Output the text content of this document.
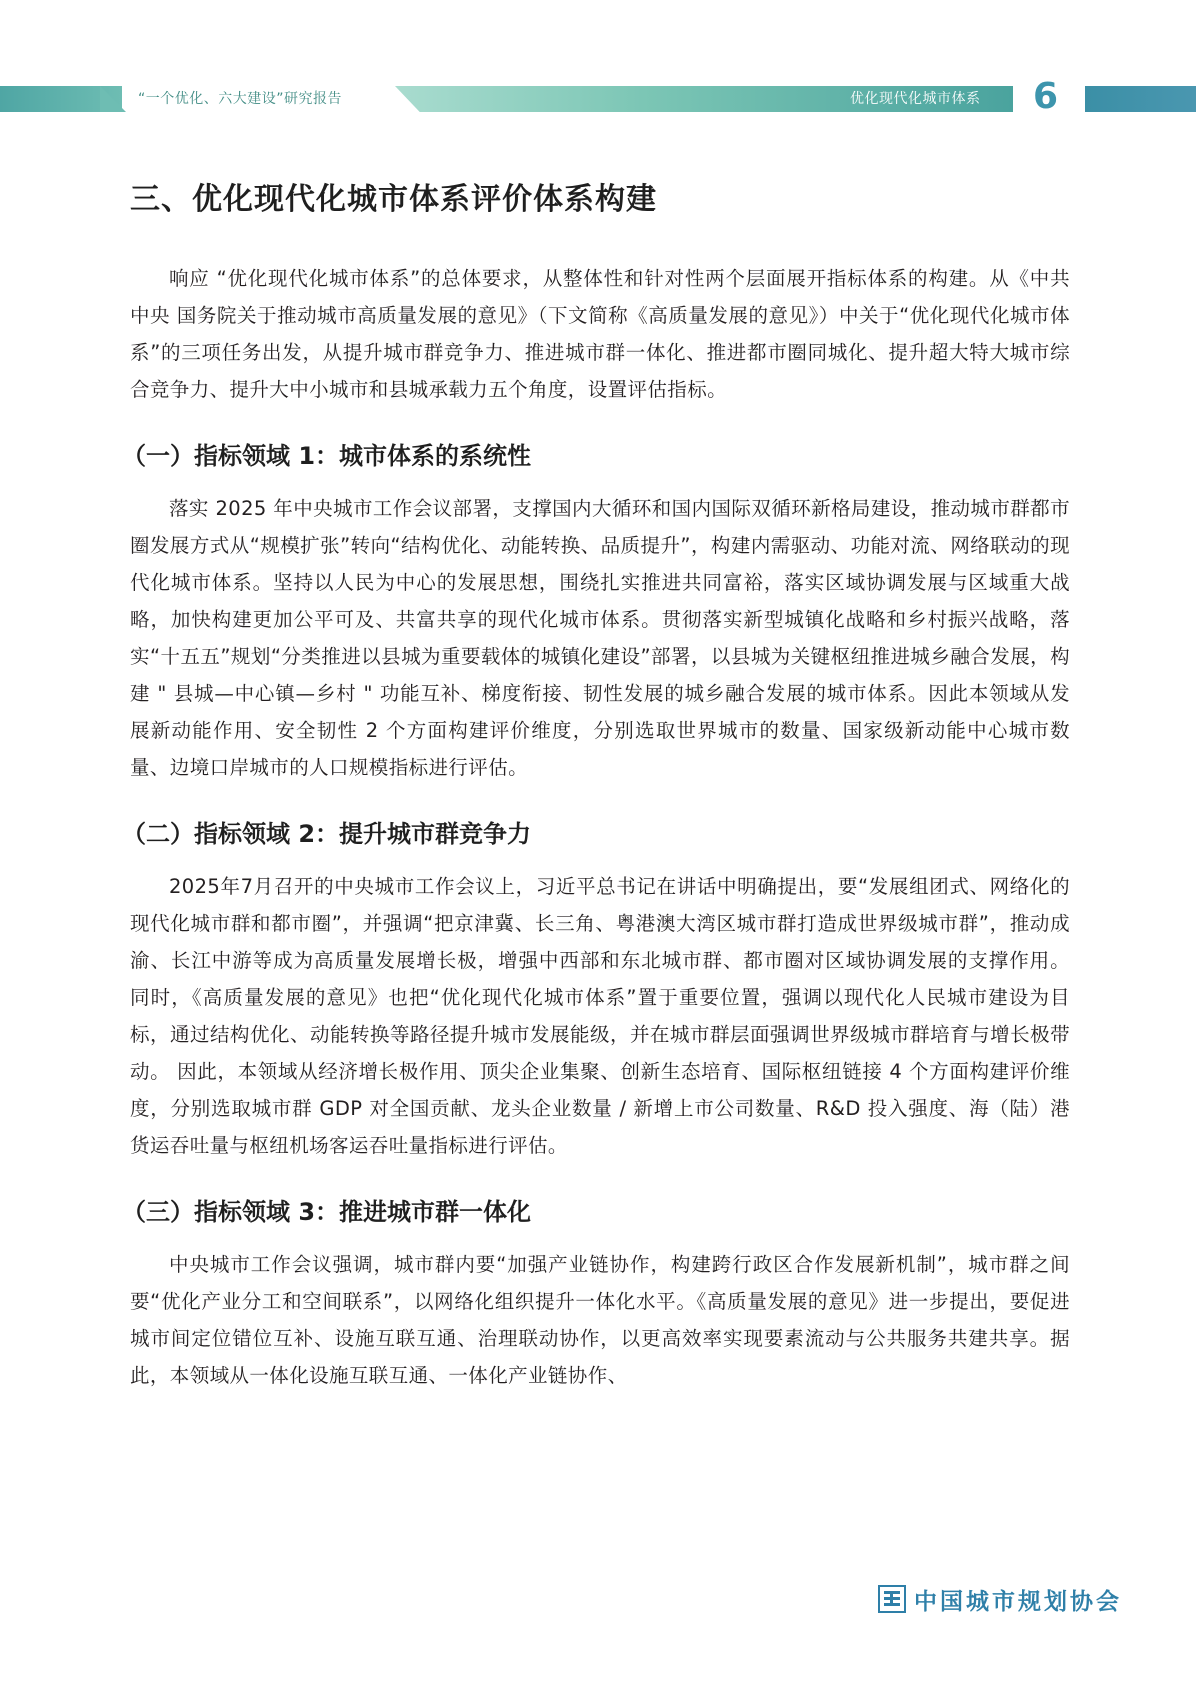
“一个优化、六大建设”研究报告	优化现代化城市体系	6
三、优化现代化城市体系评价体系构建

响应 “优化现代化城市体系”的总体要求，从整体性和针对性两个层面展开指标体系的构建。从《中共中央 国务院关于推动城市高质量发展的意见》（下文简称《高质量发展的意见》）中关于“优化现代化城市体系”的三项任务出发，从提升城市群竞争力、推进城市群一体化、推进都市圈同城化、提升超大特大城市综合竞争力、提升大中小城市和县城承载力五个角度，设置评估指标。

（一）指标领域 1：城市体系的系统性

落实 2025 年中央城市工作会议部署，支撑国内大循环和国内国际双循环新格局建设，推动城市群都市圈发展方式从“规模扩张”转向“结构优化、动能转换、品质提升”，构建内需驱动、功能对流、网络联动的现代化城市体系。坚持以人民为中心的发展思想，围绕扎实推进共同富裕，落实区域协调发展与区域重大战略，加快构建更加公平可及、共富共享的现代化城市体系。贯彻落实新型城镇化战略和乡村振兴战略，落实“十五五”规划“分类推进以县城为重要载体的城镇化建设”部署，以县城为关键枢纽推进城乡融合发展，构建 " 县城—中心镇—乡村 " 功能互补、梯度衔接、韧性发展的城乡融合发展的城市体系。因此本领域从发展新动能作用、安全韧性 2 个方面构建评价维度，分别选取世界城市的数量、国家级新动能中心城市数量、边境口岸城市的人口规模指标进行评估。

（二）指标领域 2：提升城市群竞争力

2025年7月召开的中央城市工作会议上，习近平总书记在讲话中明确提出，要“发展组团式、网络化的现代化城市群和都市圈”，并强调“把京津冀、长三角、粤港澳大湾区城市群打造成世界级城市群”，推动成渝、长江中游等成为高质量发展增长极，增强中西部和东北城市群、都市圈对区域协调发展的支撑作用。 同时，《高质量发展的意见》也把“优化现代化城市体系”置于重要位置，强调以现代化人民城市建设为目标，通过结构优化、动能转换等路径提升城市发展能级，并在城市群层面强调世界级城市群培育与增长极带动。 因此，本领域从经济增长极作用、顶尖企业集聚、创新生态培育、国际枢纽链接 4 个方面构建评价维度，分别选取城市群 GDP 对全国贡献、龙头企业数量 / 新增上市公司数量、R&D 投入强度、海（陆）港货运吞吐量与枢纽机场客运吞吐量指标进行评估。

（三）指标领域 3：推进城市群一体化

中央城市工作会议强调，城市群内要“加强产业链协作，构建跨行政区合作发展新机制”，城市群之间要“优化产业分工和空间联系”，以网络化组织提升一体化水平。《高质量发展的意见》进一步提出，要促进城市间定位错位互补、设施互联互通、治理联动协作，以更高效率实现要素流动与公共服务共建共享。据此，本领域从一体化设施互联互通、一体化产业链协作、

中国城市规划协会
